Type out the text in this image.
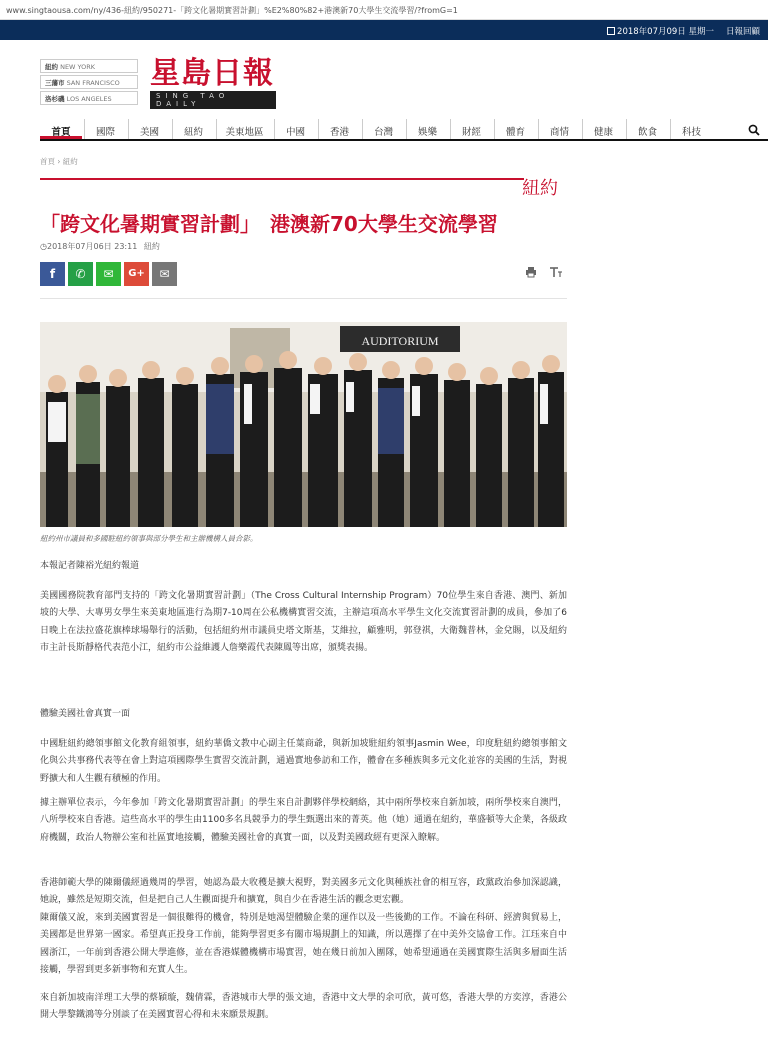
www.singtaousa.com/ny/436-紐約/950271-「跨文化暑期實習計劃」%E2%80%82+港澳新70大學生交流學習/?fromG=1
2018年07月09日 星期一 日報回顧
紐約 NEW YORK
三藩市 SAN FRANCISCO
洛杉磯 LOS ANGELES
星島日報
SING TAO DAILY
首頁	國際	美國	紐約	美東地區	中國	香港	台灣	娛樂	財經	體育	商情	健康	飲食	科技
首頁 › 紐約
紐約
「跨文化暑期實習計劃」　港澳新70大學生交流學習
◷2018年07月06日 23:11 紐約
f	✆	✉	G+	✉
AUDITORIUM
紐約州市議員和多國駐紐約領事與部分學生和主辦機構人員合影。
本報記者陳裕光紐約報道
美國國務院教育部門支持的「跨文化暑期實習計劃」（The Cross Cultural Internship Program）70位學生來自香港、澳門、新加坡的大學、大專男女學生來美東地區進行為期7-10周在公私機構實習交流，主辦這項高水平學生文化交流實習計劃的成員，參加了6日晚上在法拉盛花旗棒球場舉行的活動，包括紐約州市議員史塔文斯基，艾維拉，顧雅明，郭登祺，大衛魏普林，金兌賜，以及紐約市主計長斯靜格代表范小江，紐約市公益維護人詹樂霞代表陳鳳等出席，頒獎表揚。
體驗美國社會真實一面
中國駐紐約總領事館文化教育組領事，紐約華僑文教中心副主任葉商爺，與新加坡駐紐約領事Jasmin Wee，印度駐紐約總領事館文化與公共事務代表等在會上對這項國際學生實習交流計劃，通過實地參訪和工作，體會在多種族與多元文化並容的美國的生活，對視野擴大和人生觀有積極的作用。
據主辦單位表示，今年參加「跨文化暑期實習計劃」的學生來自計劃夥伴學校網絡，其中兩所學校來自新加坡，兩所學校來自澳門，八所學校來自香港。這些高水平的學生由1100多名具競爭力的學生甄選出來的菁英。他（她）通過在紐約，華盛頓等大企業，各級政府機關，政治人物辦公室和社區實地接觸，體驗美國社會的真實一面，以及對美國政經有更深入瞭解。
香港師範大學的陳爾儀經過幾周的學習，她認為最大收穫是擴大視野，對美國多元文化與種族社會的相互容，政黨政治參加深認識，她說，雖然是短期交流，但是把自己人生觀面提升和擴寬，與自少在香港生活的觀念更宏觀。
陳爾儀又說，來到美國實習是一個很難得的機會，特別是她渴望體驗企業的運作以及一些後勤的工作。不論在科研、經濟與貿易上，美國都是世界第一國家。希望真正投身工作前，能夠學習更多有關市場規劃上的知識，所以選擇了在中美外交協會工作。江珏來自中國浙江，一年前到香港公開大學進修，並在香港媒體機構市場實習，她在幾日前加入團隊，她希望通過在美國實際生活與多層面生活接觸，學習到更多新事物和充實人生。
來自新加坡南洋理工大學的蔡穎璇，魏倩霖，香港城市大學的張文迪，香港中文大學的余可欣，黃可悠，香港大學的方奕淳，香港公開大學黎鐵鴻等分別談了在美國實習心得和未來願景規劃。
